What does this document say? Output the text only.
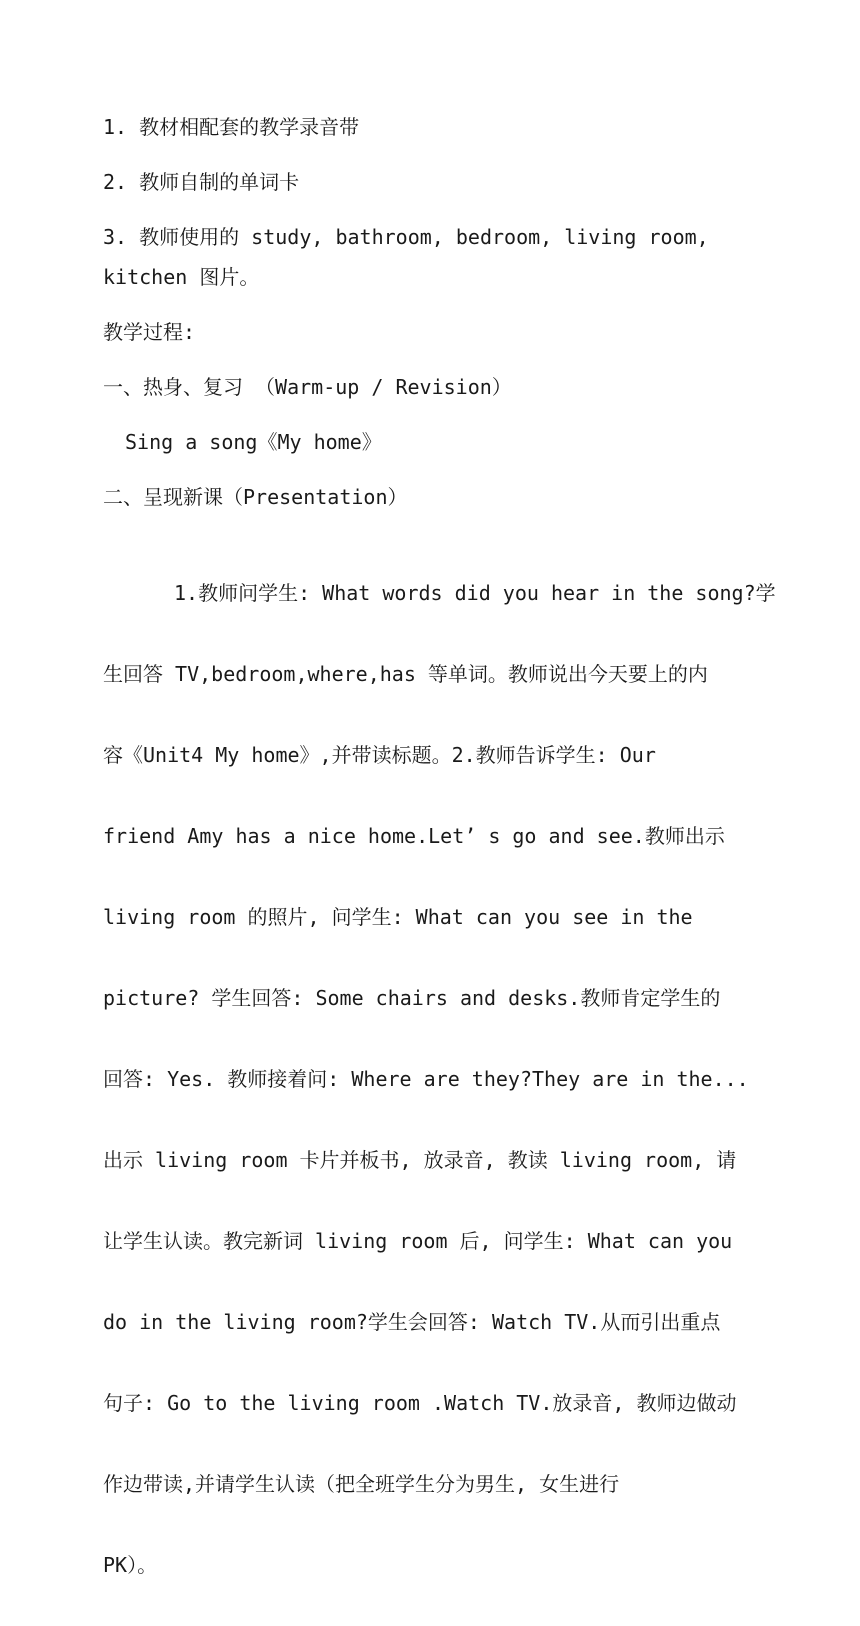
1. 教材相配套的教学录音带
2. 教师自制的单词卡
3. 教师使用的 study, bathroom, bedroom, living room,
kitchen 图片。
教学过程:
一、热身、复习 （Warm-up / Revision）
Sing a song《My home》
二、呈现新课（Presentation）

1.教师问学生: What words did you hear in the song?学

生回答 TV,bedroom,where,has 等单词。教师说出今天要上的内

容《Unit4 My home》,并带读标题。2.教师告诉学生: Our

friend Amy has a nice home.Let’ s go and see.教师出示

living room 的照片, 问学生: What can you see in the

picture? 学生回答: Some chairs and desks.教师肯定学生的

回答: Yes. 教师接着问: Where are they?They are in the...

出示 living room 卡片并板书, 放录音, 教读 living room, 请

让学生认读。教完新词 living room 后, 问学生: What can you

do in the living room?学生会回答: Watch TV.从而引出重点

句子: Go to the living room .Watch TV.放录音, 教师边做动

作边带读,并请学生认读（把全班学生分为男生, 女生进行

PK）。
